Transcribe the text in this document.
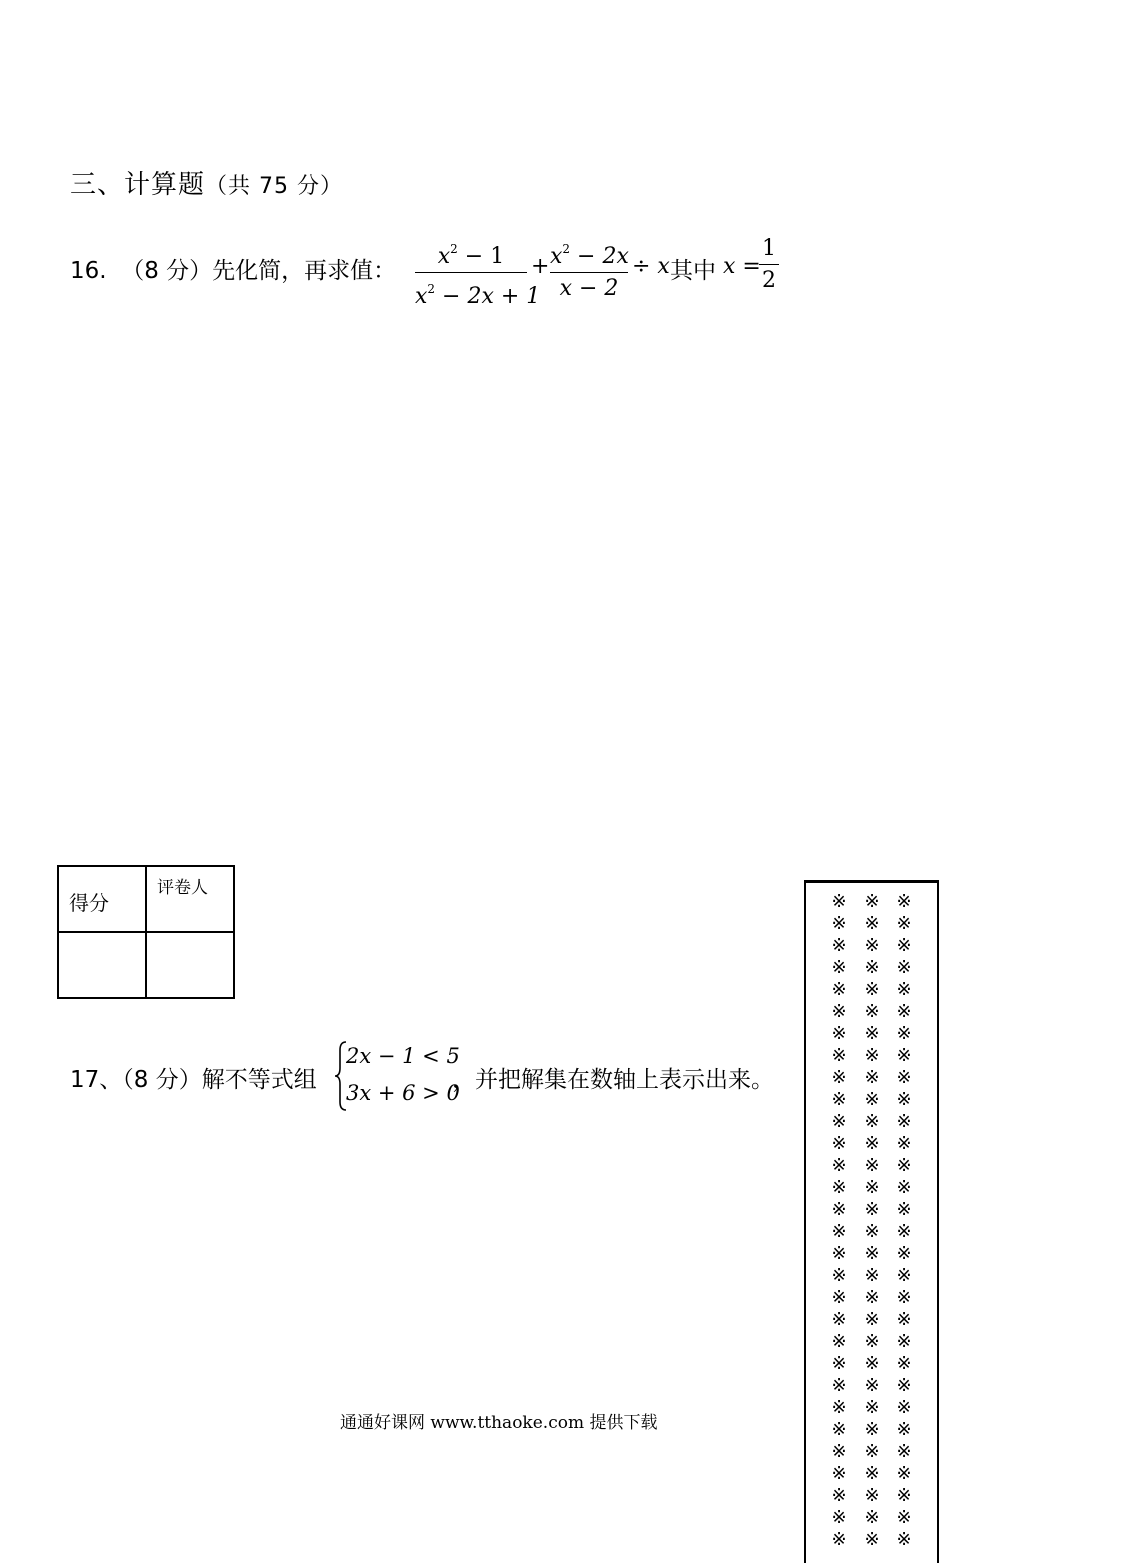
三、计算题（共 75 分）
16. （8 分）先化简，再求值：
$x^2 - 1$
$x^2 - 2x + 1$
+ $x^2 - 2x$
x − 2
÷ x 其中 x =
1
2
得分	评卷人

17、（8 分）解不等式组
2x − 1 < 5
3x + 6 > 0
，并把解集在数轴上表示出来。
※
※
※
※
※
※
※
※
※
※
※
※
※
※
※
※
※
※
※
※
※
※
※
※
※
※
※
※
※
※
※
※
※
※
※
※
※
※
※
※
※
※
※
※
※
※
※
※
※
※
※
※
※
※
※
※
※
※
※
※
※
※
※
※
※
※
※
※
※
※
※
※
※
※
※
※
※
※
※
※
※
※
※
※
※
※
※
※
※
※
通通好课网 www.tthaoke.com 提供下载
